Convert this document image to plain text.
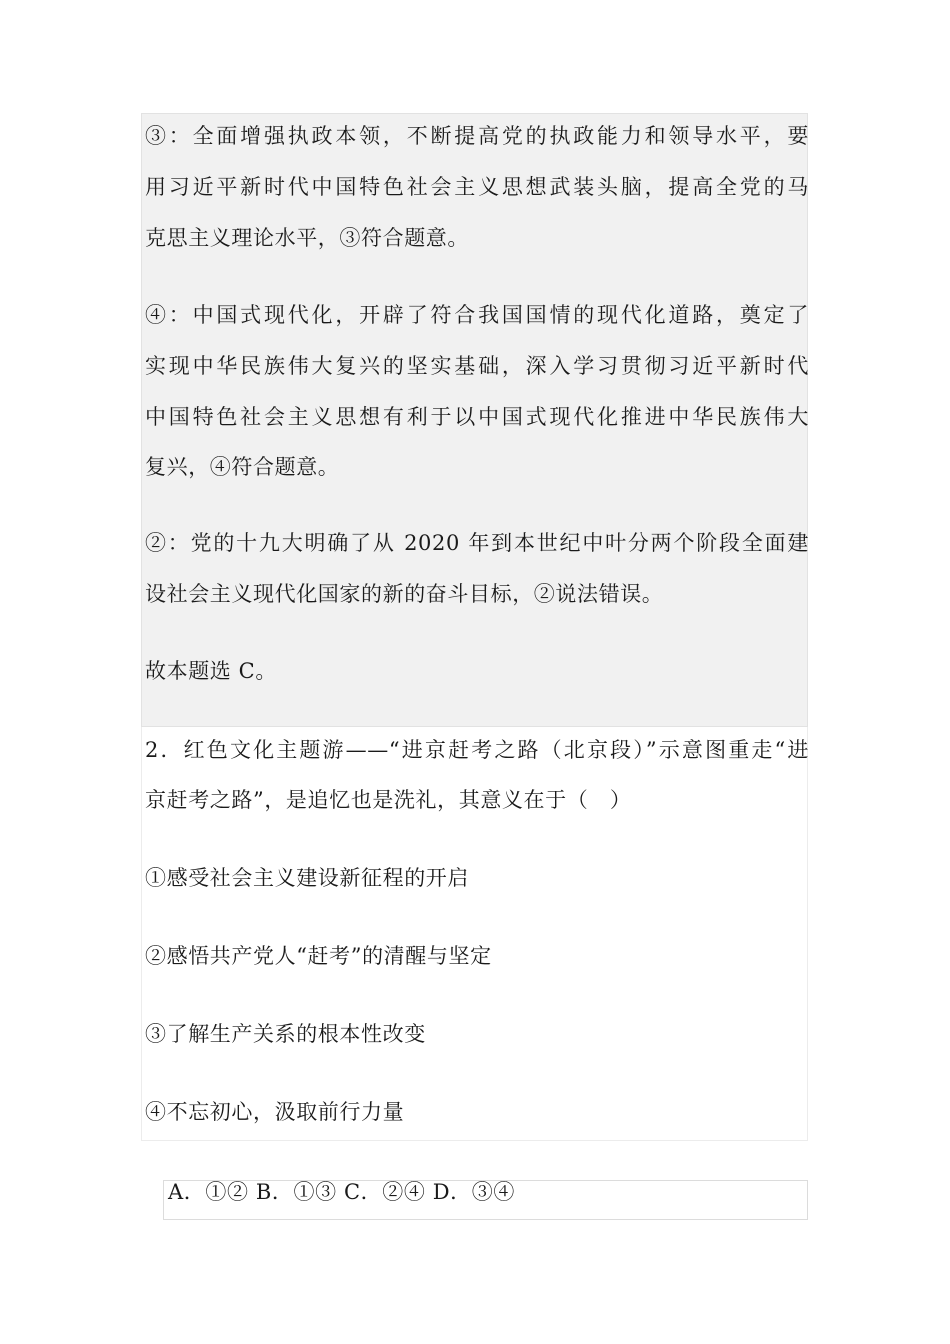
③：全面增强执政本领，不断提高党的执政能力和领导水平，要
用习近平新时代中国特色社会主义思想武装头脑，提高全党的马
克思主义理论水平，③符合题意。
④：中国式现代化，开辟了符合我国国情的现代化道路，奠定了
实现中华民族伟大复兴的坚实基础，深入学习贯彻习近平新时代
中国特色社会主义思想有利于以中国式现代化推进中华民族伟大
复兴，④符合题意。
②：党的十九大明确了从 2020 年到本世纪中叶分两个阶段全面建
设社会主义现代化国家的新的奋斗目标，②说法错误。
故本题选 C。
2．红色文化主题游——“进京赶考之路（北京段）”示意图重走“进
京赶考之路”，是追忆也是洗礼，其意义在于（　）
①感受社会主义建设新征程的开启
②感悟共产党人“赶考”的清醒与坚定
③了解生产关系的根本性改变
④不忘初心，汲取前行力量
A．①② B．①③ C．②④ D．③④
